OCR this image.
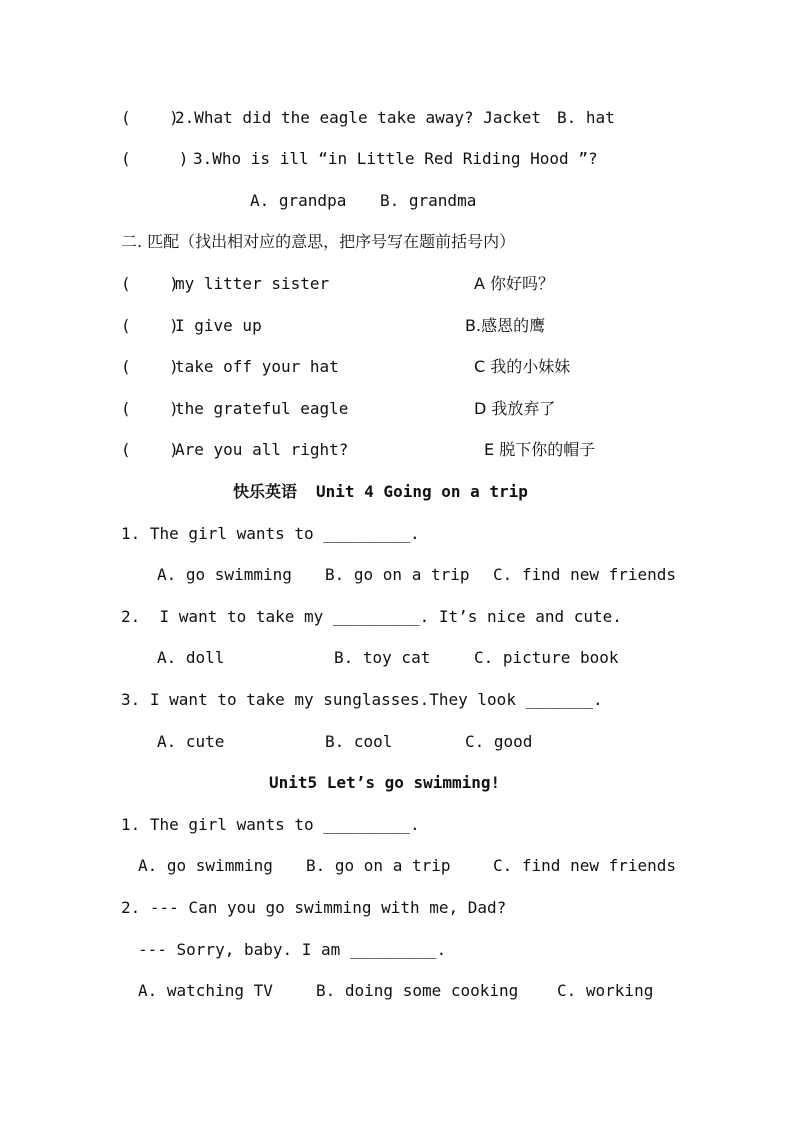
(    )
2.What did the eagle take away? Jacket B. hat
(     ) 3.Who is ill “in Little Red Riding Hood ”?
A. grandpa B. grandma
二. 匹配（找出相对应的意思，把序号写在题前括号内）
(    )
my litter sister	A 你好吗？
(    )
I give up	B.感恩的鹰
(    )
take off your hat	C 我的小妹妹
(    )
the grateful eagle	D 我放弃了
(    )
Are you all right?	E 脱下你的帽子
快乐英语 Unit 4 Going on a trip
1. The girl wants to _________.
A. go swimming B. go on a trip C. find new friends
2.  I want to take my _________. It’s nice and cute.
A. doll	B. toy cat	C. picture book
3. I want to take my sunglasses.They look _______.
A. cute	B. cool	C. good
Unit5 Let’s go swimming!
1. The girl wants to _________.
A. go swimming B. go on a trip	C. find new friends
2. --- Can you go swimming with me, Dad?
--- Sorry, baby. I am _________.
A. watching TV	B. doing some cooking C. working
